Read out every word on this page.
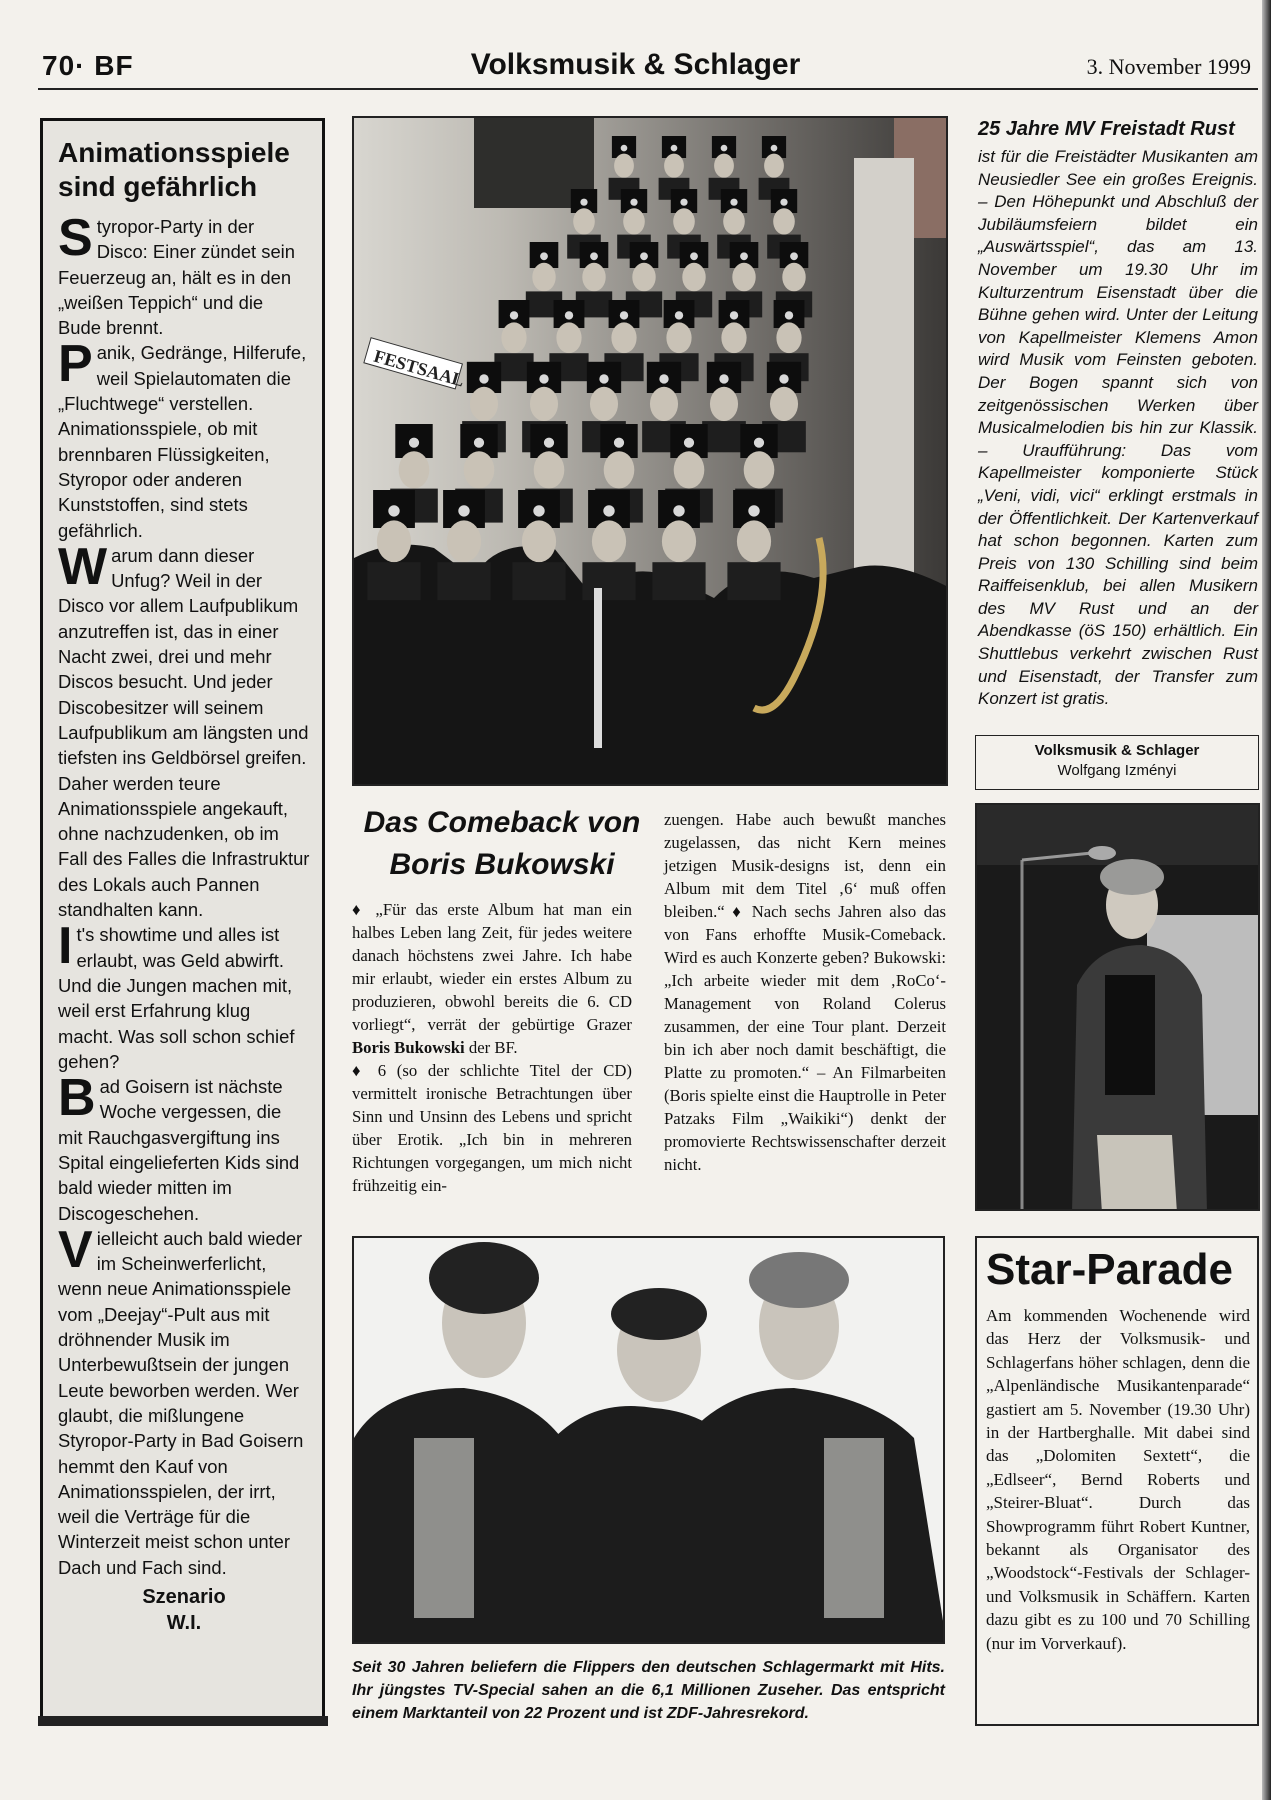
70· BF	Volksmusik & Schlager	3. November 1999
Animationsspiele sind gefährlich

Styropor-Party in der Disco: Einer zündet sein Feuerzeug an, hält es in den „weißen Teppich“ und die Bude brennt.

Panik, Gedränge, Hilferufe, weil Spielautomaten die „Fluchtwege“ verstellen. Animationsspiele, ob mit brennbaren Flüssigkeiten, Styropor oder anderen Kunststoffen, sind stets gefährlich.

Warum dann dieser Unfug? Weil in der Disco vor allem Laufpublikum anzutreffen ist, das in einer Nacht zwei, drei und mehr Discos besucht. Und jeder Discobesitzer will seinem Laufpublikum am längsten und tiefsten ins Geldbörsel greifen. Daher werden teure Animationsspiele angekauft, ohne nachzudenken, ob im Fall des Falles die Infrastruktur des Lokals auch Pannen standhalten kann.

It's showtime und alles ist erlaubt, was Geld abwirft. Und die Jungen machen mit, weil erst Erfahrung klug macht. Was soll schon schief gehen?

Bad Goisern ist nächste Woche vergessen, die mit Rauchgasvergiftung ins Spital eingelieferten Kids sind bald wieder mitten im Discogeschehen.

Vielleicht auch bald wieder im Scheinwerferlicht, wenn neue Animationsspiele vom „Deejay“-Pult aus mit dröhnender Musik im Unterbewußtsein der jungen Leute beworben werden. Wer glaubt, die mißlungene Styropor-Party in Bad Goisern hemmt den Kauf von Animationsspielen, der irrt, weil die Verträge für die Winterzeit meist schon unter Dach und Fach sind.

Szenario
W.I.
FESTSAAL
Das Comeback von Boris Bukowski

♦ „Für das erste Album hat man ein halbes Leben lang Zeit, für jedes weitere danach höchstens zwei Jahre. Ich habe mir erlaubt, wieder ein erstes Album zu produzieren, obwohl bereits die 6. CD vorliegt“, verrät der gebürtige Grazer Boris Bukowski der BF.

♦ 6 (so der schlichte Titel der CD) vermittelt ironische Betrachtungen über Sinn und Unsinn des Lebens und spricht über Erotik. „Ich bin in mehreren Richtungen vorgegangen, um mich nicht frühzeitig ein-

zuengen. Habe auch bewußt manches zugelassen, das nicht Kern meines jetzigen Musik-designs ist, denn ein Album mit dem Titel ‚6‘ muß offen bleiben.“ ♦ Nach sechs Jahren also das von Fans erhoffte Musik-Comeback. Wird es auch Konzerte geben? Bukowski: „Ich arbeite wieder mit dem ‚RoCo‘-Management von Roland Colerus zusammen, der eine Tour plant. Derzeit bin ich aber noch damit beschäftigt, die Platte zu promoten.“ – An Filmarbeiten (Boris spielte einst die Hauptrolle in Peter Patzaks Film „Waikiki“) denkt der promovierte Rechtswissenschafter derzeit nicht.

Seit 30 Jahren beliefern die Flippers den deutschen Schlagermarkt mit Hits. Ihr jüngstes TV-Special sahen an die 6,1 Millionen Zuseher. Das entspricht einem Marktanteil von 22 Prozent und ist ZDF-Jahresrekord.
25 Jahre MV Freistadt Rust

ist für die Freistädter Musikanten am Neusiedler See ein großes Ereignis. – Den Höhepunkt und Abschluß der Jubiläumsfeiern bildet ein „Auswärtsspiel“, das am 13. November um 19.30 Uhr im Kulturzentrum Eisenstadt über die Bühne gehen wird. Unter der Leitung von Kapellmeister Klemens Amon wird Musik vom Feinsten geboten. Der Bogen spannt sich von zeitgenössischen Werken über Musicalmelodien bis hin zur Klassik. – Uraufführung: Das vom Kapellmeister komponierte Stück „Veni, vidi, vici“ erklingt erstmals in der Öffentlichkeit. Der Kartenverkauf hat schon begonnen. Karten zum Preis von 130 Schilling sind beim Raiffeisenklub, bei allen Musikern des MV Rust und an der Abendkasse (öS 150) erhältlich. Ein Shuttlebus verkehrt zwischen Rust und Eisenstadt, der Transfer zum Konzert ist gratis.

Volksmusik & Schlager
Wolfgang Izményi
Star-Parade

Am kommenden Wochenende wird das Herz der Volksmusik- und Schlagerfans höher schlagen, denn die „Alpenländische Musikantenparade“ gastiert am 5. November (19.30 Uhr) in der Hartberghalle. Mit dabei sind das „Dolomiten Sextett“, die „Edlseer“, Bernd Roberts und „Steirer-Bluat“. Durch das Showprogramm führt Robert Kuntner, bekannt als Organisator des „Woodstock“-Festivals der Schlager- und Volksmusik in Schäffern. Karten dazu gibt es zu 100 und 70 Schilling (nur im Vorverkauf).
